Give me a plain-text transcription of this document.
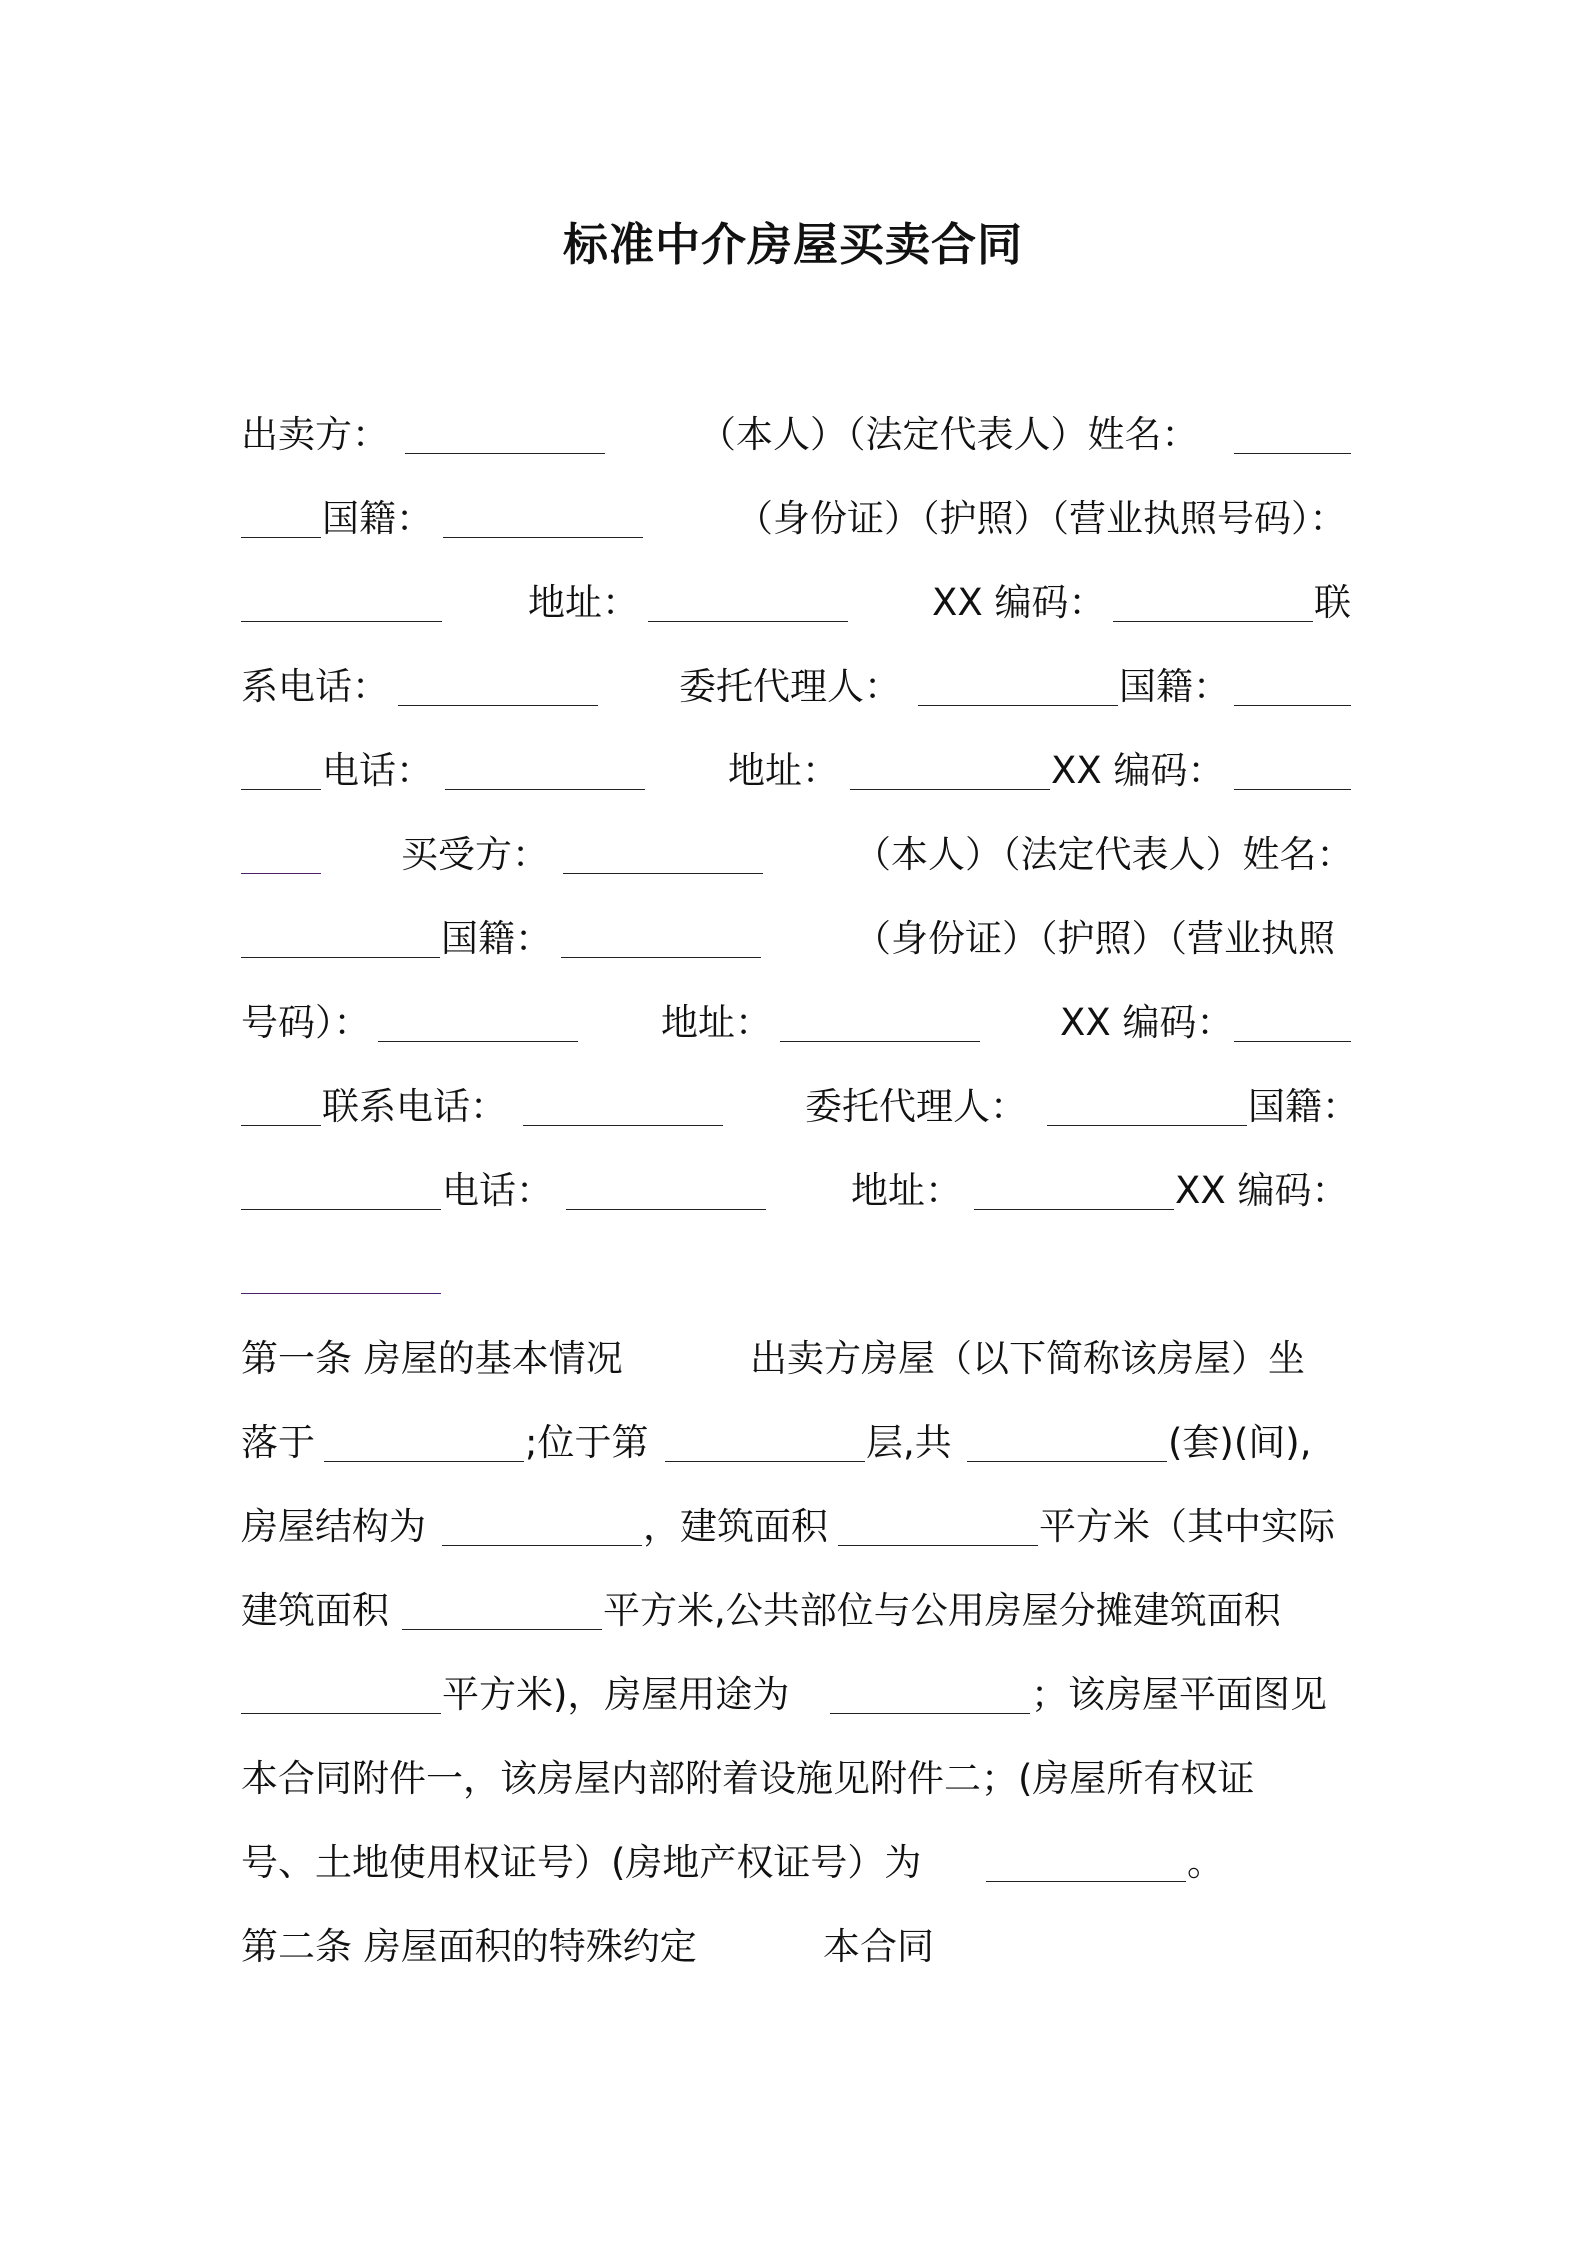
标准中介房屋买卖合同
出卖方：	（本人）（法定代表人）姓名：
国籍：	（身份证）（护照）（营业执照号码）：
地址：	XX 编码：	联
系电话：	委托代理人：	国籍：
电话：	地址：	XX 编码：
买受方：	（本人）（法定代表人）姓名：
国籍：	（身份证）（护照）（营业执照
号码）：	地址：	XX 编码：
联系电话：	委托代理人：	国籍：
电话：	地址：	XX 编码：
第一条 房屋的基本情况	出卖方房屋（以下简称该房屋）坐
落于	;位于第	层,共	(套)(间),
房屋结构为	，建筑面积	平方米（其中实际
建筑面积	平方米,公共部位与公用房屋分摊建筑面积
平方米)，房屋用途为	；该房屋平面图见
本合同附件一，该房屋内部附着设施见附件二；(房屋所有权证
号、土地使用权证号）(房地产权证号）为	。
第二条 房屋面积的特殊约定	本合同
